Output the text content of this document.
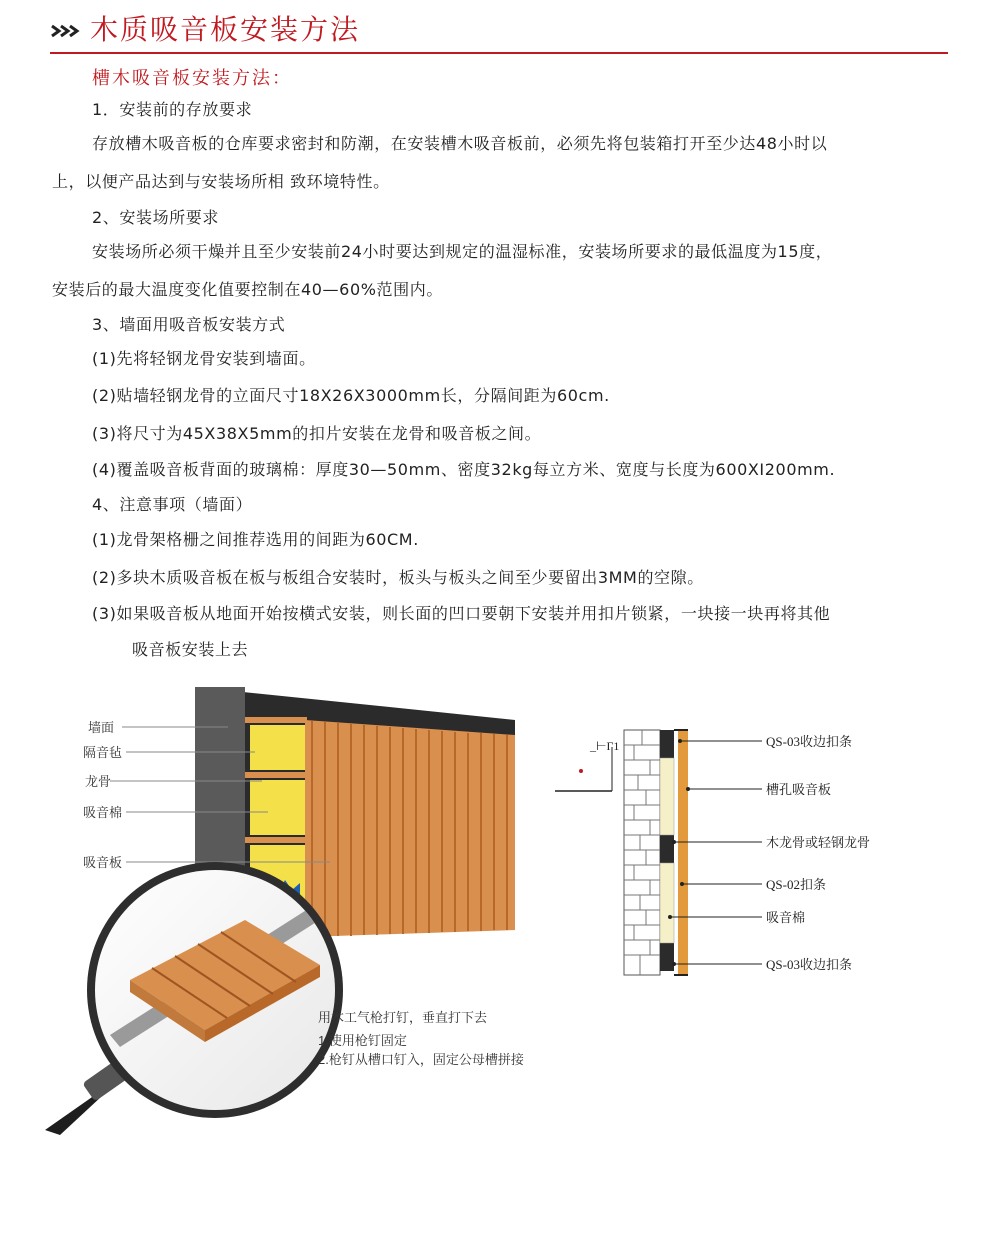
木质吸音板安装方法
槽木吸音板安装方法：
1．安装前的存放要求
存放槽木吸音板的仓库要求密封和防潮，在安装槽木吸音板前，必须先将包装箱打开至少达48小时以
上，以便产品达到与安装场所相 致环境特性。
2、安装场所要求
安装场所必须干燥并且至少安装前24小时要达到规定的温湿标准，安装场所要求的最低温度为15度，
安装后的最大温度变化值要控制在40—60%范围内。
3、墙面用吸音板安装方式
(1)先将轻钢龙骨安装到墙面。
(2)贴墙轻钢龙骨的立面尺寸18X26X3000mm长，分隔间距为60cm.
(3)将尺寸为45X38X5mm的扣片安装在龙骨和吸音板之间。
(4)覆盖吸音板背面的玻璃棉：厚度30—50mm、密度32kg每立方米、宽度与长度为600XI200mm.
4、注意事项（墙面）
(1)龙骨架格栅之间推荐选用的间距为60CM.
(2)多块木质吸音板在板与板组合安装时，板头与板头之间至少要留出3MM的空隙。
(3)如果吸音板从地面开始按横式安装，则长面的凹口要朝下安装并用扣片锁紧，一块接一块再将其他
吸音板安装上去
墙面
隔音毡
龙骨
吸音棉
吸音板
用木工气枪打钉，垂直打下去
1.使用枪钉固定
2.枪钉从槽口钉入，固定公母槽拼接
_⊢Γ1	QS-03收边扣条
槽孔吸音板
木龙骨或轻钢龙骨
QS-02扣条
吸音棉
QS-03收边扣条
